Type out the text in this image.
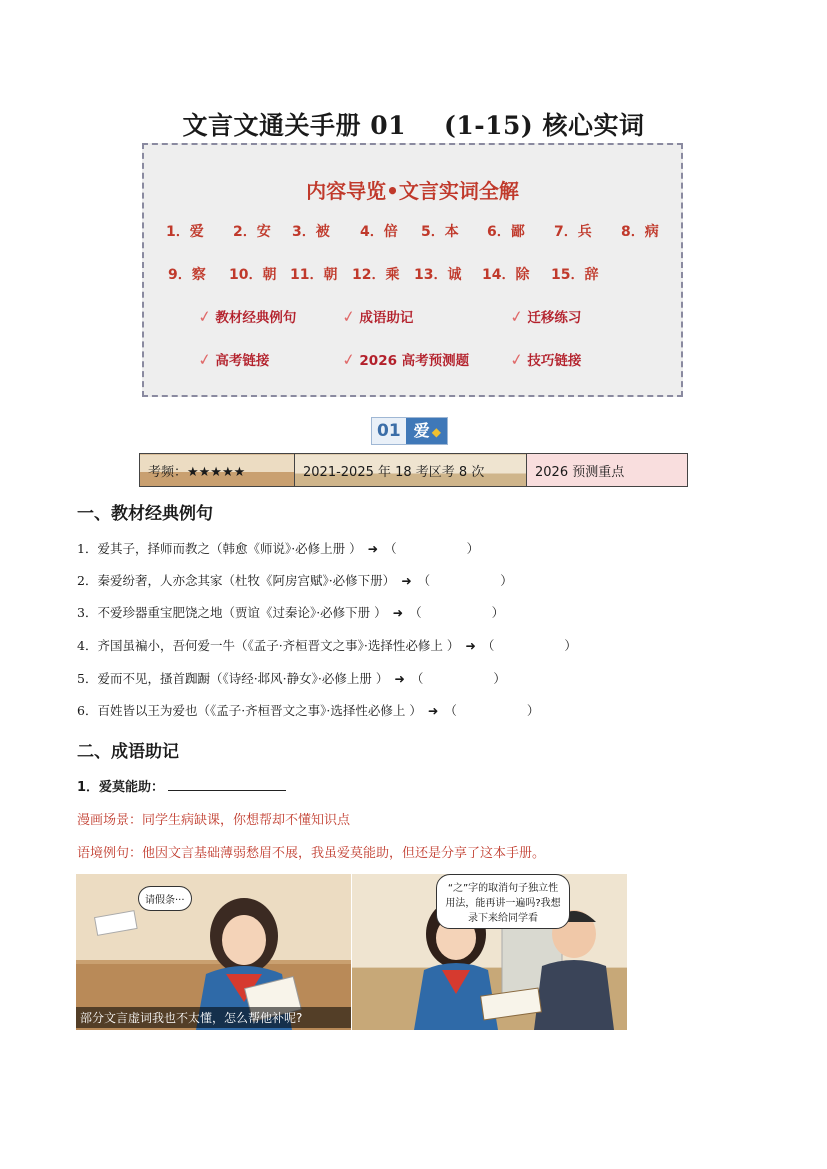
文言文通关手册 01 (1-15) 核心实词
内容导览•文言实词全解
1．爱 2．安 3．被 4．倍 5．本 6．鄙 7．兵 8．病
9．察 10．朝 11．朝 12．乘 13．诚 14．除 15．辞
✓ 教材经典例句	✓ 成语助记	✓ 迁移练习
✓ 高考链接	✓ 2026 高考预测题 ✓ 技巧链接
01 爱 ◆
考频：★★★★★	2021-2025 年 18 考区考 8 次	2026 预测重点
一、教材经典例句
1．爱其子，择师而教之（韩愈《师说》·必修上册 ） ➜ （	）
2．秦爱纷奢，人亦念其家（杜牧《阿房宫赋》·必修下册） ➜ （	）
3．不爱珍器重宝肥饶之地（贾谊《过秦论》·必修下册 ） ➜ （	）
4．齐国虽褊小，吾何爱一牛（《孟子·齐桓晋文之事》·选择性必修上 ） ➜ （	）
5．爱而不见，搔首踟蹰（《诗经·邶风·静女》·必修上册 ） ➜ （	）
6．百姓皆以王为爱也（《孟子·齐桓晋文之事》·选择性必修上 ） ➜ （	）
二、成语助记
1．爱莫能助：
漫画场景：同学生病缺课，你想帮却不懂知识点
语境例句：他因文言基础薄弱愁眉不展，我虽爱莫能助，但还是分享了这本手册。
请假条···
部分文言虚词我也不太懂，怎么帮他补呢?
“之”字的取消句子独立性用法，能再讲一遍吗?我想录下来给同学看
